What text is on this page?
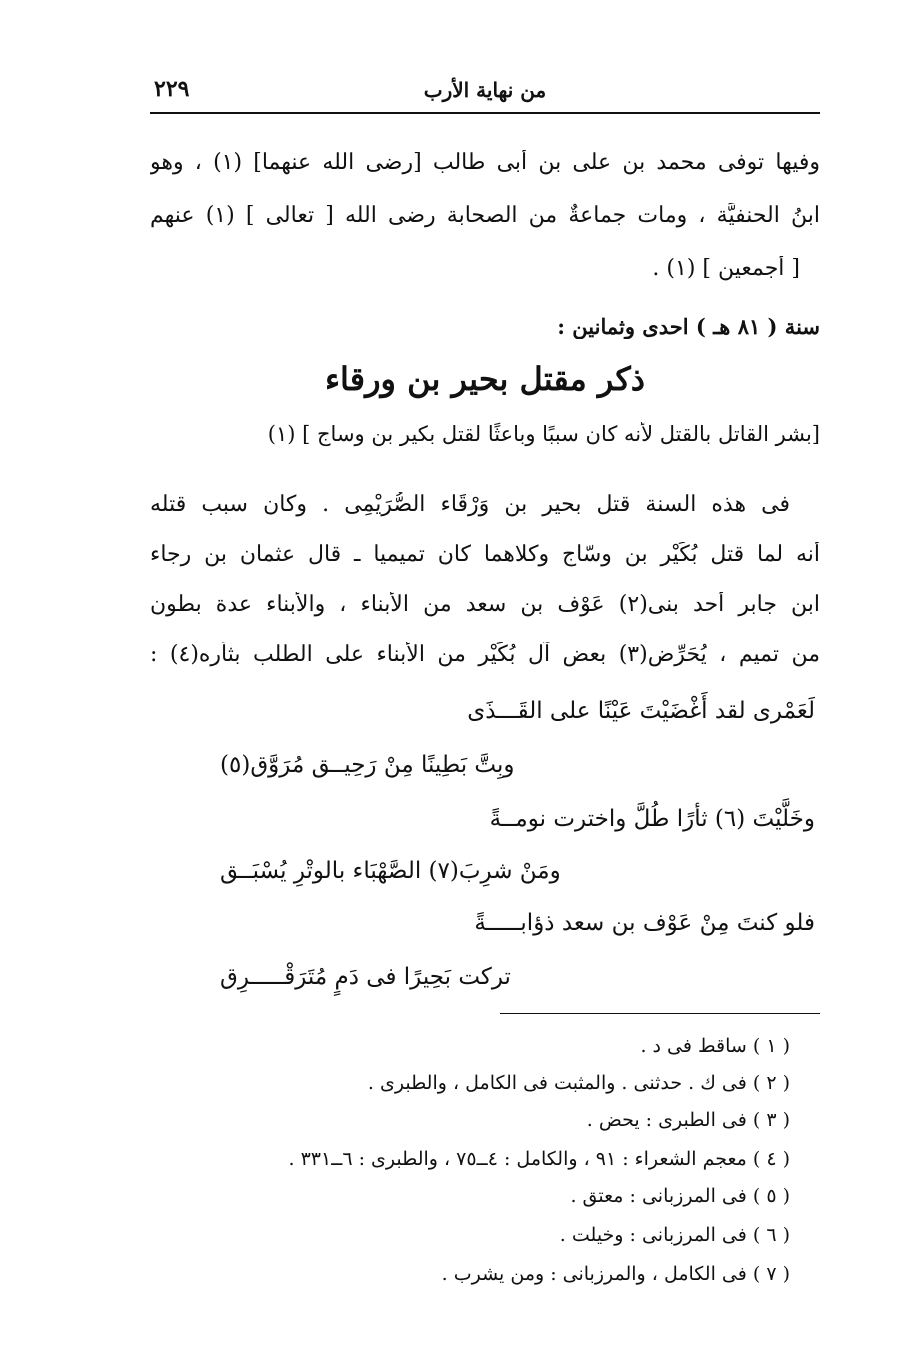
٢٢٩	من نهاية الأرب
وفيها توفى محمد بن على بن أبى طالب [رضى الله عنهما] (١) ، وهو
ابنُ الحنفيَّة ، ومات جماعةٌ من الصحابة رضى الله [ تعالى ] (١) عنهم
[ أجمعين ] (١) .
سنة ( ٨١ هـ ) احدى وثمانين :
ذكر مقتل بحير بن ورقاء
[بشر القاتل بالقتل لأنه كان سببًا وباعثًا لقتل بكير بن وساج ] (١)
فى هذه السنة قتل بحير بن وَرْقَاء الصُّرَيْمِى . وكان سبب قتله
أنه لما قتل بُكَيْر بن وسّاج وكلاهما كان تميميا ـ قال عثمان بن رجاء
ابن جابر أحد بنى(٢) عَوْف بن سعد من الأَبناء ، والأَبناء عدة بطون
من تميم ، يُحَرِّض(٣) بعض آل بُكَيْر من الأَبناء على الطلب بثأره(٤) :
لَعَمْرى لقد أَغْضَيْتَ عَيْنًا على القَـــذَى
وبِتَّ بَطِينًا مِنْ رَحِيــق مُرَوَّق(٥)
وخَلَّيْتَ (٦) ثأرًا طُلَّ واخترت نومــةً
ومَنْ شرِبَ(٧) الصَّهْبَاء بالوتْرِ يُسْبَــق
فلو كنتَ مِنْ عَوْف بن سعد ذؤابـــــةً
تركت بَحِيرًا فى دَمٍ مُتَرَقْـــــرِق
( ١ ) ساقط فى د .
( ٢ ) فى ك . حدثنى . والمثبت فى الكامل ، والطبرى .
( ٣ ) فى الطبرى : يحض .
( ٤ ) معجم الشعراء : ٩١ ، والكامل : ٤ــ٧٥ ، والطبرى : ٦ــ٣٣١ .
( ٥ ) فى المرزبانى : معتق .
( ٦ ) فى المرزبانى : وخيلت .
( ٧ ) فى الكامل ، والمرزبانى : ومن يشرب .
